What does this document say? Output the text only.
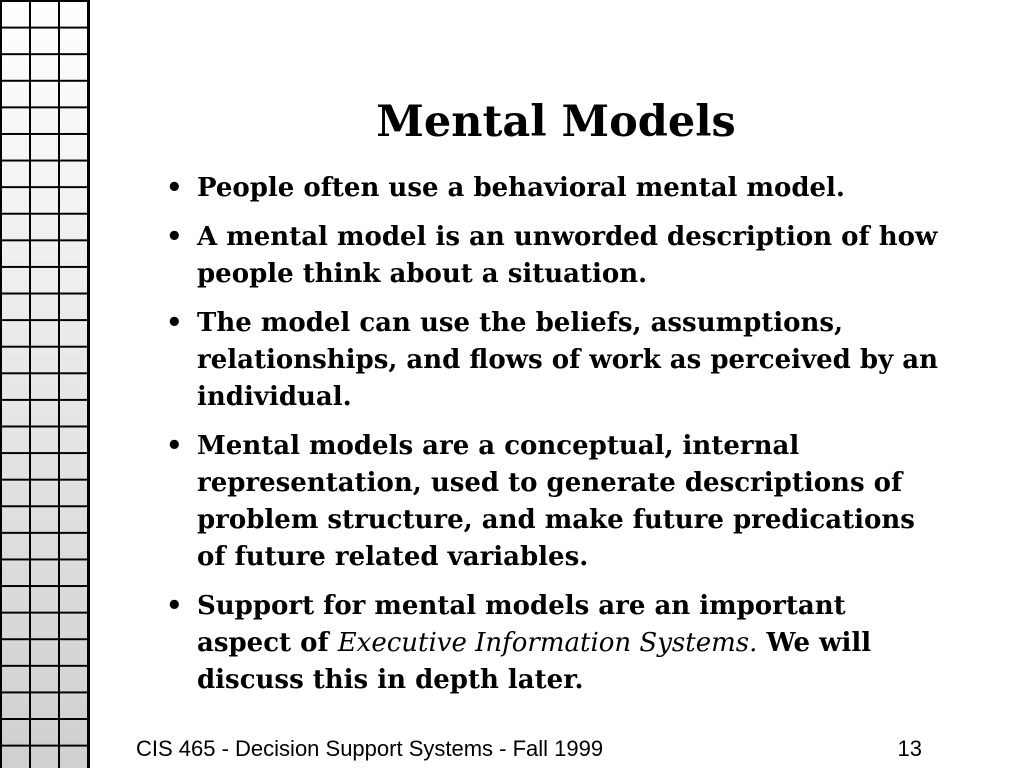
Mental Models
• People often use a behavioral mental model.
• A mental model is an unworded description of how people think about a situation.
• The model can use the beliefs, assumptions, relationships, and flows of work as perceived by an individual.
• Mental models are a conceptual, internal representation, used to generate descriptions of problem structure, and make future predications of future related variables.
• Support for mental models are an important aspect of Executive Information Systems. We will discuss this in depth later.
CIS 465 - Decision Support Systems - Fall 1999	13
